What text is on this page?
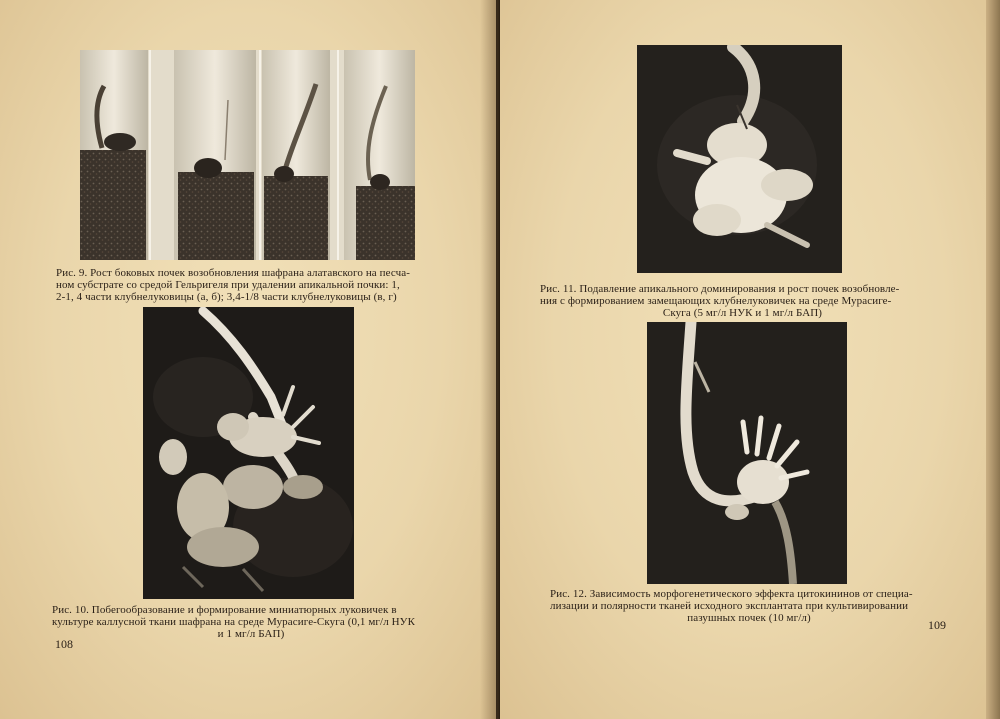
Рис. 9. Рост боковых почек возобновления шафрана алатавского на песча-
ном субстрате со средой Гельригеля при удалении апикальной почки: 1,
2-1, 4 части клубнелуковицы (а, б); 3,4-1/8 части клубнелуковицы (в, г)
Рис. 10. Побегообразование и формирование миниатюрных луковичек в
культуре каллусной ткани шафрана на среде Мурасиге-Скуга (0,1 мг/л НУК
и 1 мг/л БАП)
108
Рис. 11. Подавление апикального доминирования и рост почек возобновле-
ния с формированием замещающих клубнелуковичек на среде Мурасиге-
Скуга (5 мг/л НУК и 1 мг/л БАП)
Рис. 12. Зависимость морфогенетического эффекта цитокининов от специа-
лизации и полярности тканей исходного эксплантата при культивировании
пазушных почек (10 мг/л)	109
